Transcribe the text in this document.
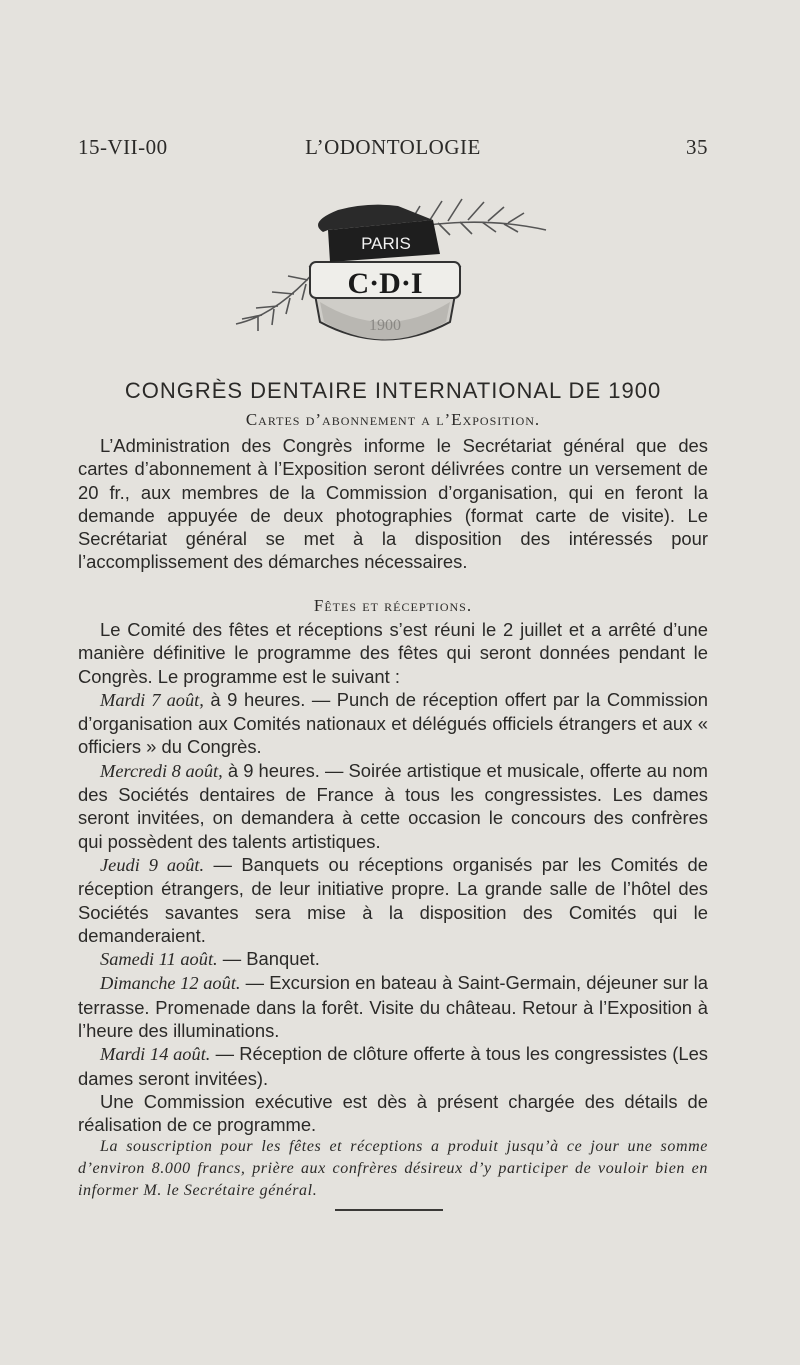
15-VII-00	L’ODONTOLOGIE	35
PARIS
C·D·I
1900
CONGRÈS DENTAIRE INTERNATIONAL DE 1900
Cartes d’abonnement a l’Exposition.

L’Administration des Congrès informe le Secrétariat général que des cartes d’abonnement à l’Exposition seront délivrées contre un versement de 20 fr., aux membres de la Commission d’organisation, qui en feront la demande appuyée de deux photographies (format carte de visite). Le Secrétariat général se met à la disposition des intéressés pour l’accomplissement des démarches nécessaires.

Fêtes et réceptions.

Le Comité des fêtes et réceptions s’est réuni le 2 juillet et a arrêté d’une manière définitive le programme des fêtes qui seront données pendant le Congrès. Le programme est le suivant :

Mardi 7 août, à 9 heures. — Punch de réception offert par la Commission d’organisation aux Comités nationaux et délégués officiels étrangers et aux « officiers » du Congrès.

Mercredi 8 août, à 9 heures. — Soirée artistique et musicale, offerte au nom des Sociétés dentaires de France à tous les congressistes. Les dames seront invitées, on demandera à cette occasion le concours des confrères qui possèdent des talents artistiques.

Jeudi 9 août. — Banquets ou réceptions organisés par les Comités de réception étrangers, de leur initiative propre. La grande salle de l’hôtel des Sociétés savantes sera mise à la disposition des Comités qui le demanderaient.

Samedi 11 août. — Banquet.

Dimanche 12 août. — Excursion en bateau à Saint-Germain, déjeuner sur la terrasse. Promenade dans la forêt. Visite du château. Retour à l’Exposition à l’heure des illuminations.

Mardi 14 août. — Réception de clôture offerte à tous les congressistes (Les dames seront invitées).

Une Commission exécutive est dès à présent chargée des détails de réalisation de ce programme.

La souscription pour les fêtes et réceptions a produit jusqu’à ce jour une somme d’environ 8.000 francs, prière aux confrères désireux d’y participer de vouloir bien en informer M. le Secrétaire général.
